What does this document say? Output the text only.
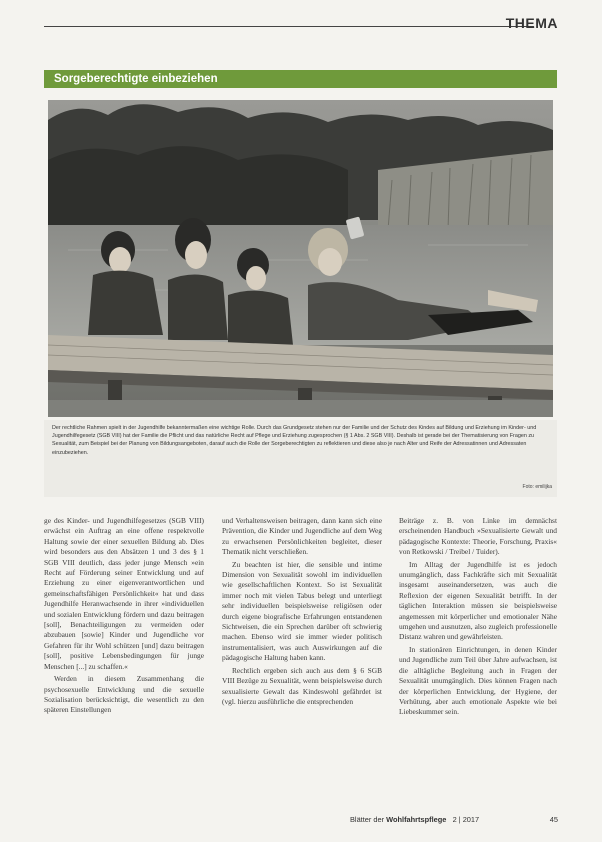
THEMA
Sorgeberechtigte einbeziehen
Der rechtliche Rahmen spielt in der Jugendhilfe bekanntermaßen eine wichtige Rolle. Durch das Grundgesetz stehen nur der Familie und der Schutz des Kindes auf Bildung und Erziehung im Kinder- und Jugendhilfegesetz (SGB VIII) hat der Familie die Pflicht und das natürliche Recht auf Pflege und Erziehung zugesprochen (§ 1 Abs. 2 SGB VIII). Deshalb ist gerade bei der Thematisierung von Fragen zu Sexualität, zum Beispiel bei der Planung von Bildungsangeboten, darauf auch die Rolle der Sorgeberechtigten zu reflektieren und diese also je nach Alter und Reife der Adressatinnen und Adressaten einzubeziehen.
Foto: emilijka

ge des Kinder- und Jugendhilfegesetzes (SGB VIII) erwächst ein Auftrag an eine offene respektvolle Haltung sowie der einer sexuellen Bildung ab. Dies wird besonders aus den Absätzen 1 und 3 des § 1 SGB VIII deutlich, dass jeder junge Mensch »ein Recht auf Förderung seiner Entwicklung und auf Erziehung zu einer eigenverantwortlichen und gemeinschaftsfähigen Persönlichkeit« hat und dass Jugendhilfe Heranwachsende in ihrer »individuellen und sozialen Entwicklung fördern und dazu beitragen [soll], Benachteiligungen zu vermeiden oder abzubauen [sowie] Kinder und Jugendliche vor Gefahren für ihr Wohl schützen [und] dazu beitragen [soll], positive Lebensbedingungen für junge Menschen [...] zu schaffen.«

Werden in diesem Zusammenhang die psychosexuelle Entwicklung und die sexuelle Sozialisation berücksichtigt, die wesentlich zu den späteren Einstellungen

und Verhaltensweisen beitragen, dann kann sich eine Prävention, die Kinder und Jugendliche auf dem Weg zu erwachsenen Persönlichkeiten begleitet, dieser Thematik nicht verschließen.

Zu beachten ist hier, die sensible und intime Dimension von Sexualität sowohl im individuellen wie gesellschaftlichen Kontext. So ist Sexualität immer noch mit vielen Tabus belegt und unterliegt sehr individuellen beispielsweise religiösen oder durch eigene biografische Erfahrungen entstandenen Sichtweisen, die ein Sprechen darüber oft schwierig machen. Ebenso wird sie immer wieder politisch instrumentalisiert, was auch Auswirkungen auf die pädagogische Haltung haben kann.

Rechtlich ergeben sich auch aus dem § 6 SGB VIII Bezüge zu Sexualität, wenn beispielsweise durch sexualisierte Gewalt das Kindeswohl gefährdet ist (vgl. hierzu ausführliche die entsprechenden

Beiträge z. B. von Linke im demnächst erscheinenden Handbuch »Sexualisierte Gewalt und pädagogische Kontexte: Theorie, Forschung, Praxis« von Retkowski / Treibel / Tuider).

Im Alltag der Jugendhilfe ist es jedoch unumgänglich, dass Fachkräfte sich mit Sexualität insgesamt auseinandersetzen, was auch die Reflexion der eigenen Sexualität betrifft. In der täglichen Interaktion müssen sie beispielsweise angemessen mit körperlicher und emotionaler Nähe umgehen und ausnutzen, also zugleich professionelle Distanz wahren und gewährleisten.

In stationären Einrichtungen, in denen Kinder und Jugendliche zum Teil über Jahre aufwachsen, ist die alltägliche Begleitung auch in Fragen der Sexualität unumgänglich. Dies können Fragen nach der körperlichen Entwicklung, der Hygiene, der Verhütung, aber auch emotionale Aspekte wie bei Liebeskummer sein.

Blätter der Wohlfahrtspflege 2 | 2017	45
